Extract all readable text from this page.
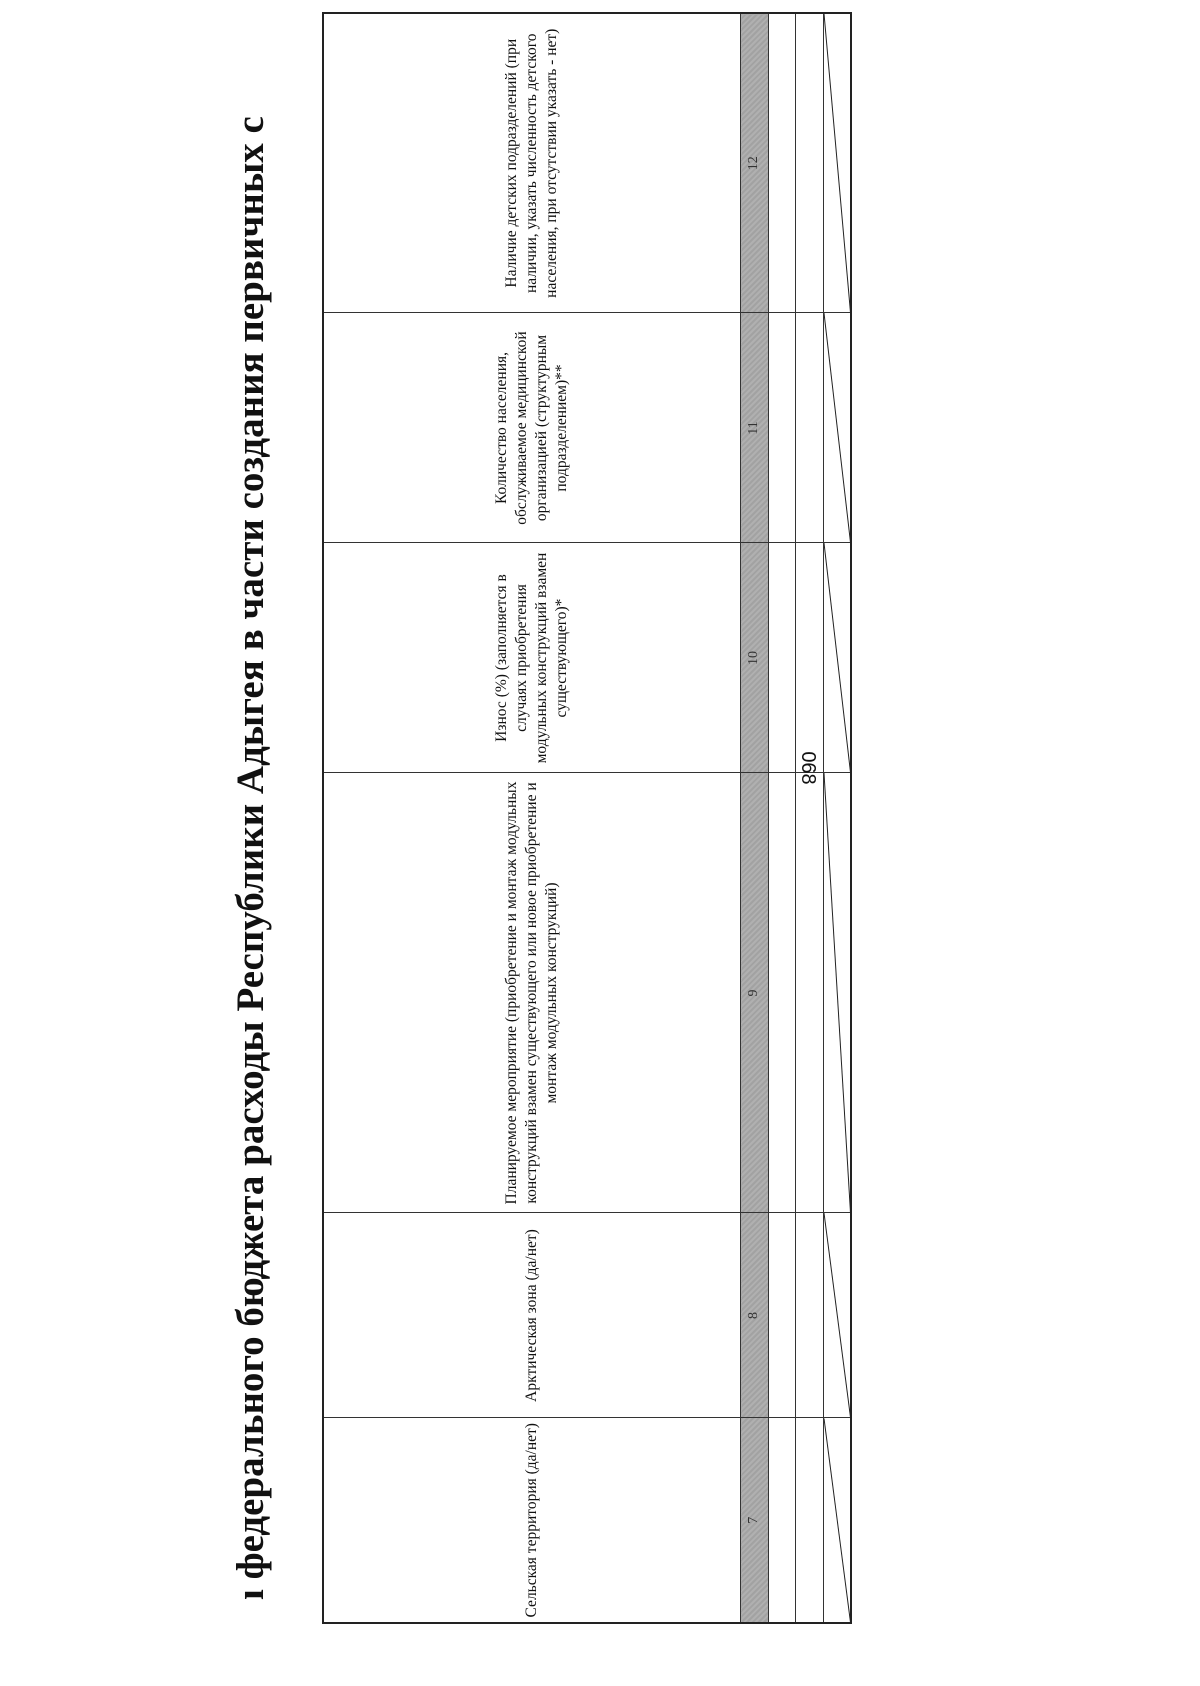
ı федерального бюджета расходы Республики Адыгея в части создания первичных с	Сельская территория (да/нет)	Арктическая зона (да/нет)	Планируемое мероприятие (приобретение и монтаж модульных конструкций взамен существующего или новое приобретение и монтаж модульных конструкций)	Износ (%) (заполняется в случаях приобретения модульных конструкций взамен существующего)*	Количество населения, обслуживаемое медицинской организацией (структурным подразделением)**	Наличие детских подразделений (при наличии, указать численность детского населения, при отсутствии указать - нет)
7	8	9	10	11	12

068
